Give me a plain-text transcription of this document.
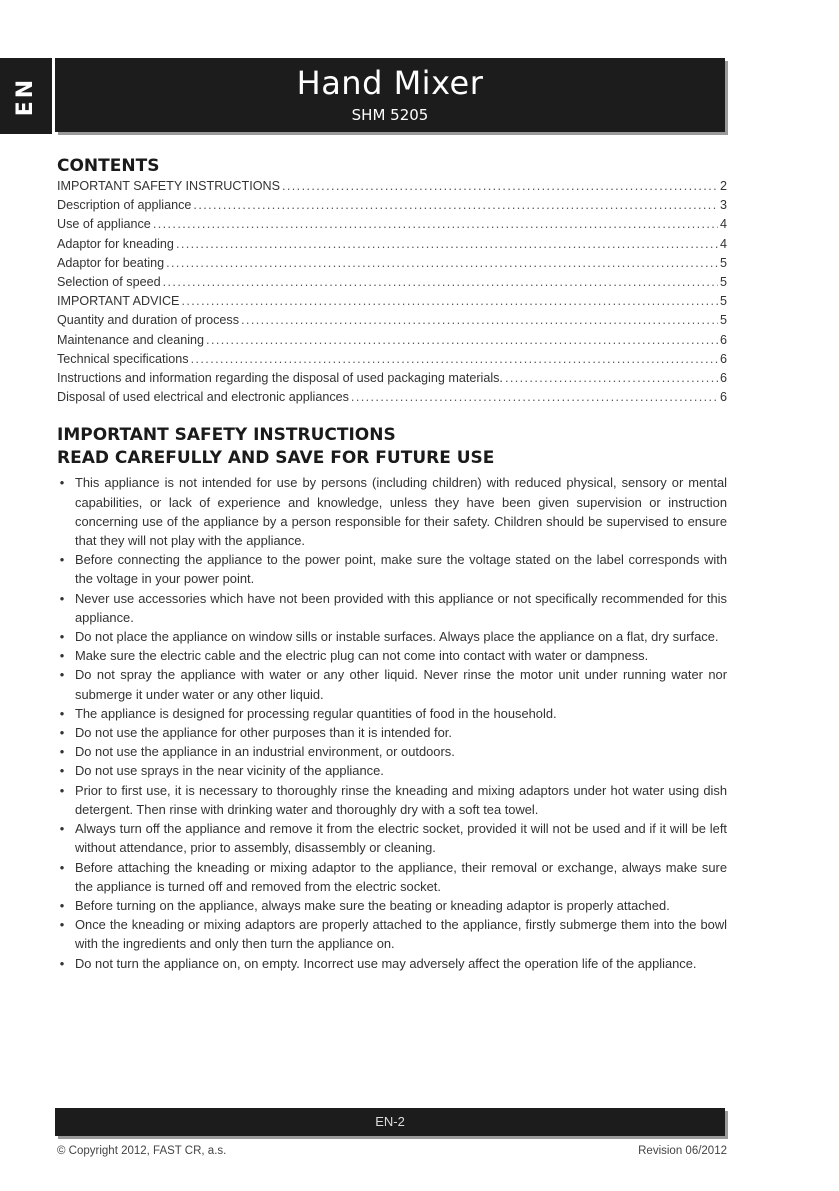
EN	Hand Mixer
SHM 5205
CONTENTS
IMPORTANT SAFETY INSTRUCTIONS .....	2
Description of appliance .....	3
Use of appliance .....	4
Adaptor for kneading .....	4
Adaptor for beating .....	5
Selection of speed .....	5
IMPORTANT ADVICE .....	5
Quantity and duration of process .....	5
Maintenance and cleaning .....	6
Technical specifications .....	6
Instructions and information regarding the disposal of used packaging materials. .....	6
Disposal of used electrical and electronic appliances .....	6
IMPORTANT SAFETY INSTRUCTIONS
READ CAREFULLY AND SAVE FOR FUTURE USE
• This appliance is not intended for use by persons (including children) with reduced physical, sensory or mental capabilities, or lack of experience and knowledge, unless they have been given supervision or instruction concerning use of the appliance by a person responsible for their safety. Children should be supervised to ensure that they will not play with the appliance.
• Before connecting the appliance to the power point, make sure the voltage stated on the label corresponds with the voltage in your power point.
• Never use accessories which have not been provided with this appliance or not specifically recommended for this appliance.
• Do not place the appliance on window sills or instable surfaces. Always place the appliance on a flat, dry surface.
• Make sure the electric cable and the electric plug can not come into contact with water or dampness.
• Do not spray the appliance with water or any other liquid. Never rinse the motor unit under running water nor submerge it under water or any other liquid.
• The appliance is designed for processing regular quantities of food in the household.
• Do not use the appliance for other purposes than it is intended for.
• Do not use the appliance in an industrial environment, or outdoors.
• Do not use sprays in the near vicinity of the appliance.
• Prior to first use, it is necessary to thoroughly rinse the kneading and mixing adaptors under hot water using dish detergent. Then rinse with drinking water and thoroughly dry with a soft tea towel.
• Always turn off the appliance and remove it from the electric socket, provided it will not be used and if it will be left without attendance, prior to assembly, disassembly or cleaning.
• Before attaching the kneading or mixing adaptor to the appliance, their removal or exchange, always make sure the appliance is turned off and removed from the electric socket.
• Before turning on the appliance, always make sure the beating or kneading adaptor is properly attached.
• Once the kneading or mixing adaptors are properly attached to the appliance, firstly submerge them into the bowl with the ingredients and only then turn the appliance on.
• Do not turn the appliance on, on empty. Incorrect use may adversely affect the operation life of the appliance.
EN-2
© Copyright 2012, FAST CR, a.s.	Revision 06/2012
